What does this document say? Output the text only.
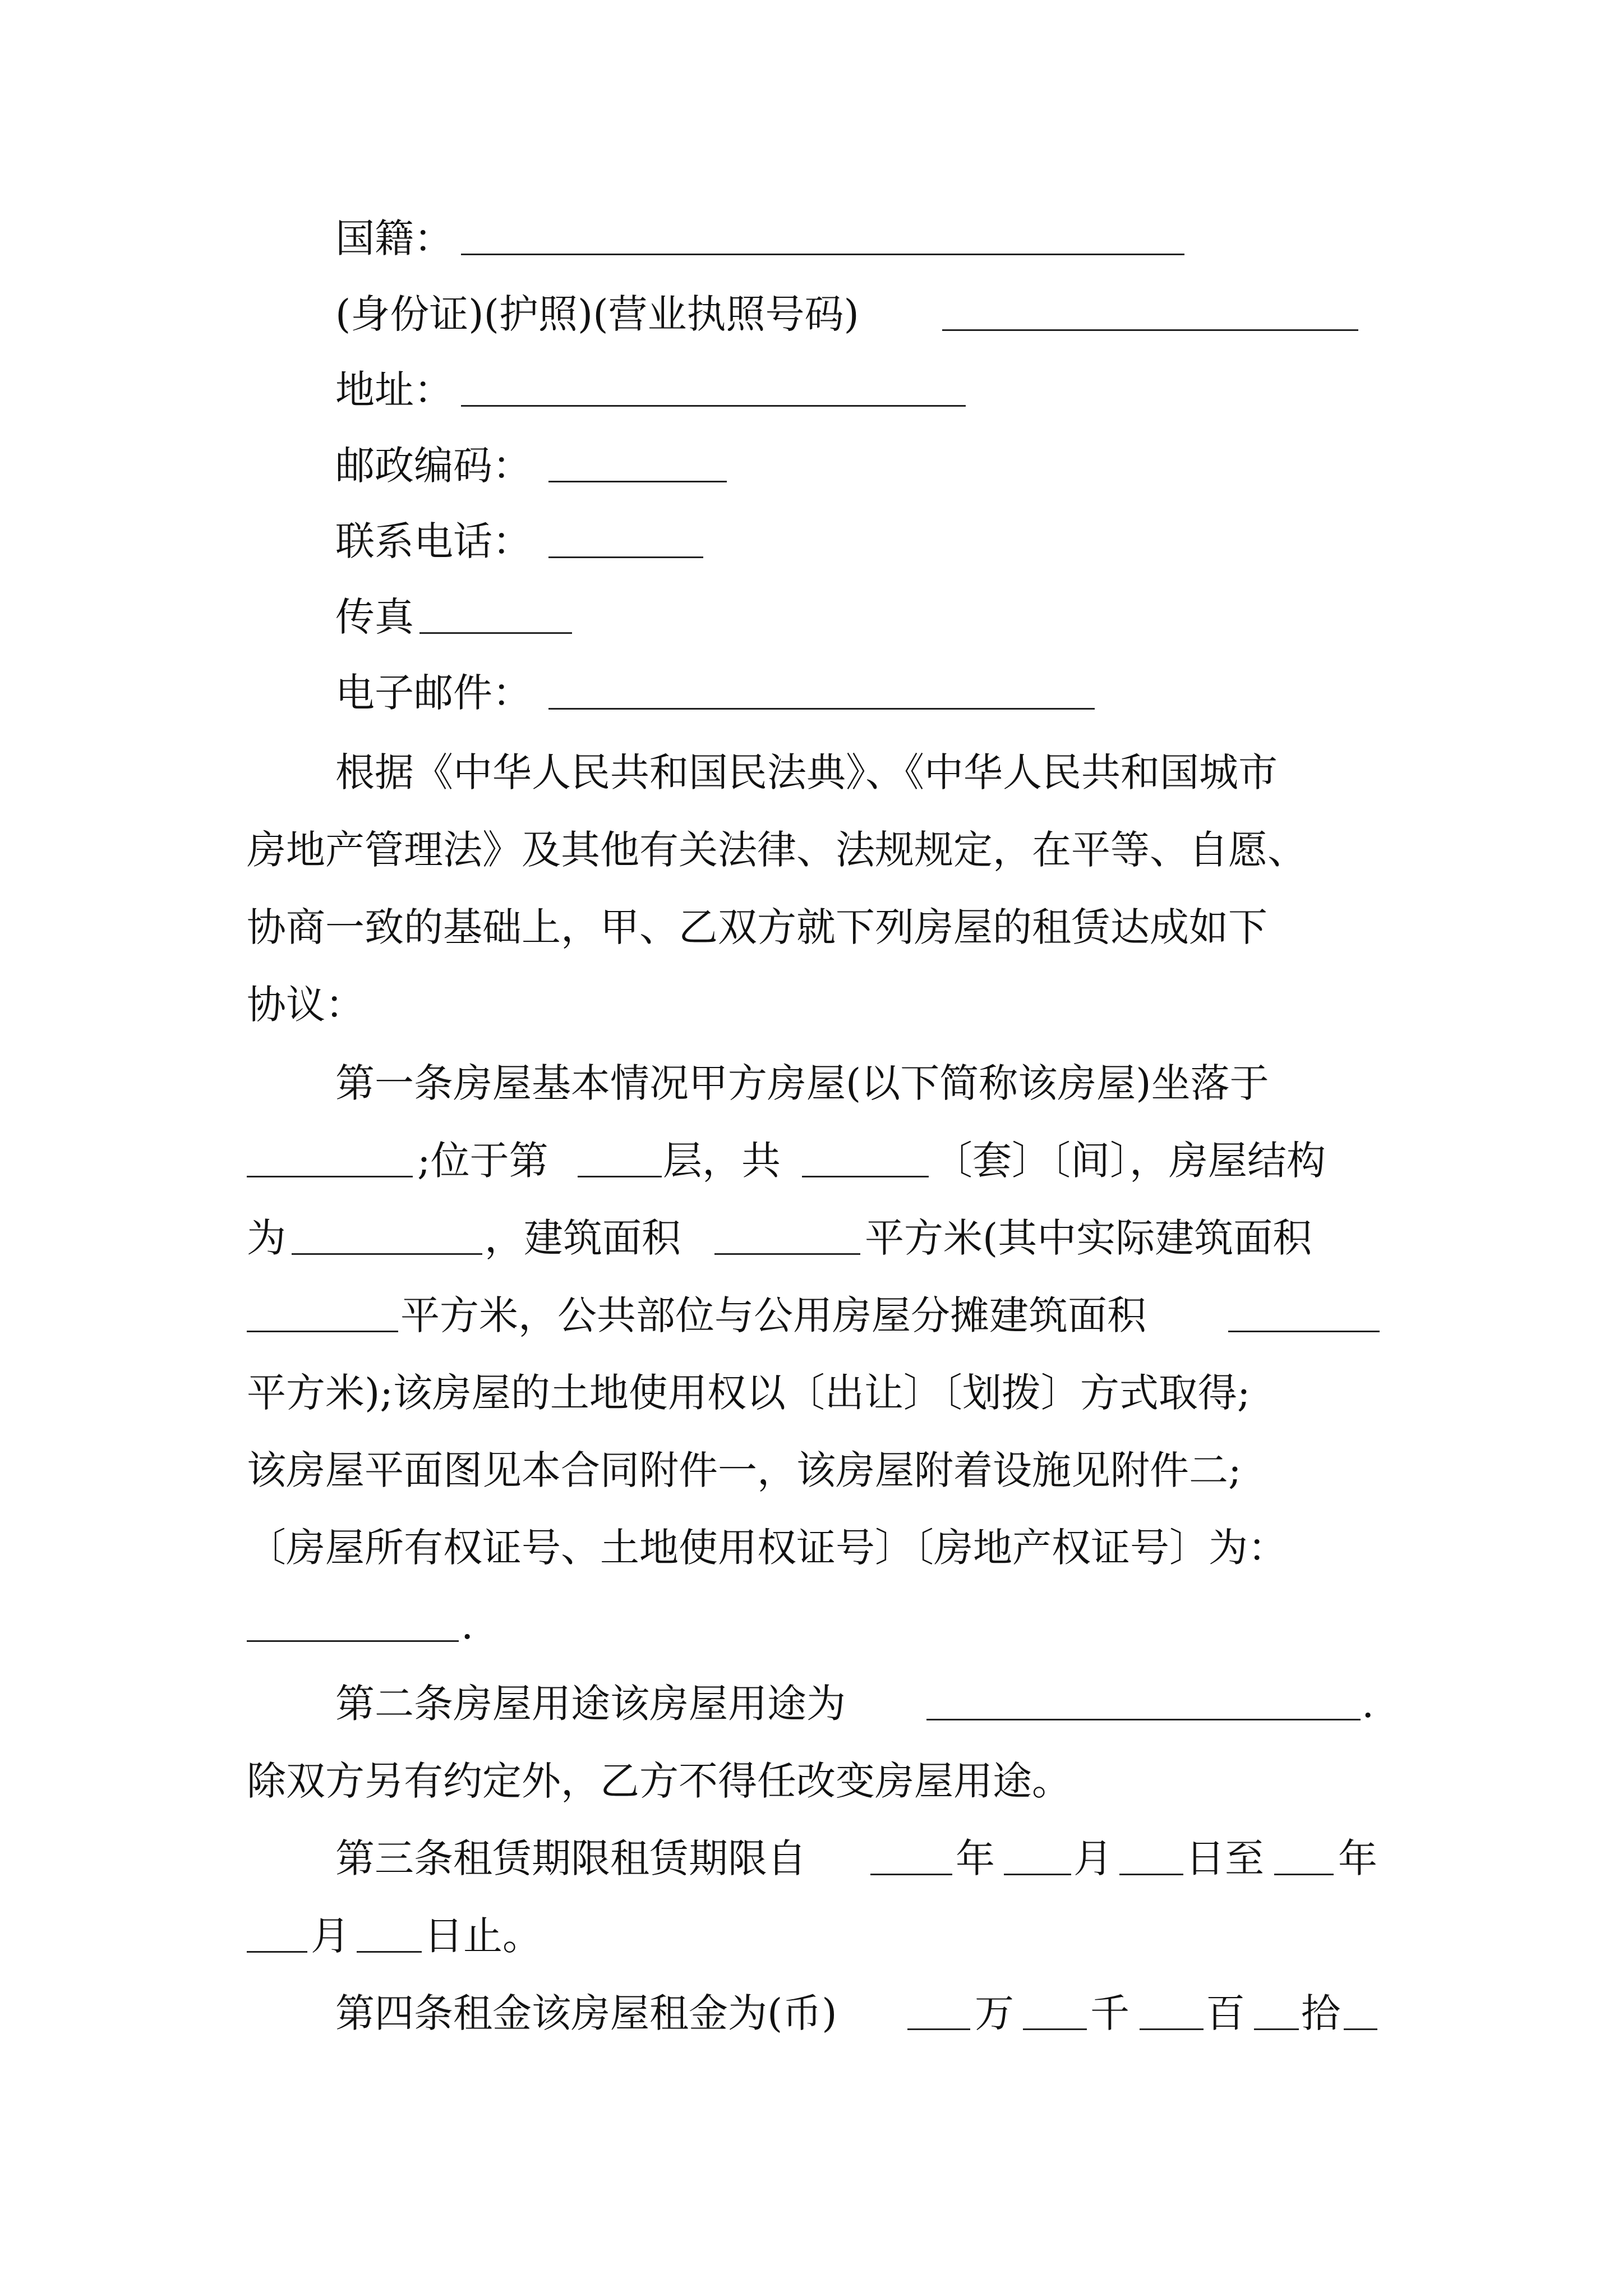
国籍：
(身份证)(护照)(营业执照号码)
地址：
邮政编码：
联系电话：
传真
电子邮件：
根据《中华人民共和国民法典》、《中华人民共和国城市
房地产管理法》及其他有关法律、法规规定，在平等、自愿、
协商一致的基础上，甲、乙双方就下列房屋的租赁达成如下
协议：
第一条房屋基本情况甲方房屋(以下简称该房屋)坐落于
;位于第	层，共	〔套〕〔间〕，房屋结构
为	，建筑面积	平方米(其中实际建筑面积
平方米，公共部位与公用房屋分摊建筑面积
平方米);该房屋的土地使用权以〔出让〕〔划拨〕方式取得;
该房屋平面图见本合同附件一，该房屋附着设施见附件二;
〔房屋所有权证号、土地使用权证号〕〔房地产权证号〕为：
.
第二条房屋用途该房屋用途为	.
除双方另有约定外，乙方不得任改变房屋用途。
第三条租赁期限租赁期限自	年 月 日至 年
月 日止。
第四条租金该房屋租金为(币)	万 千 百 拾
